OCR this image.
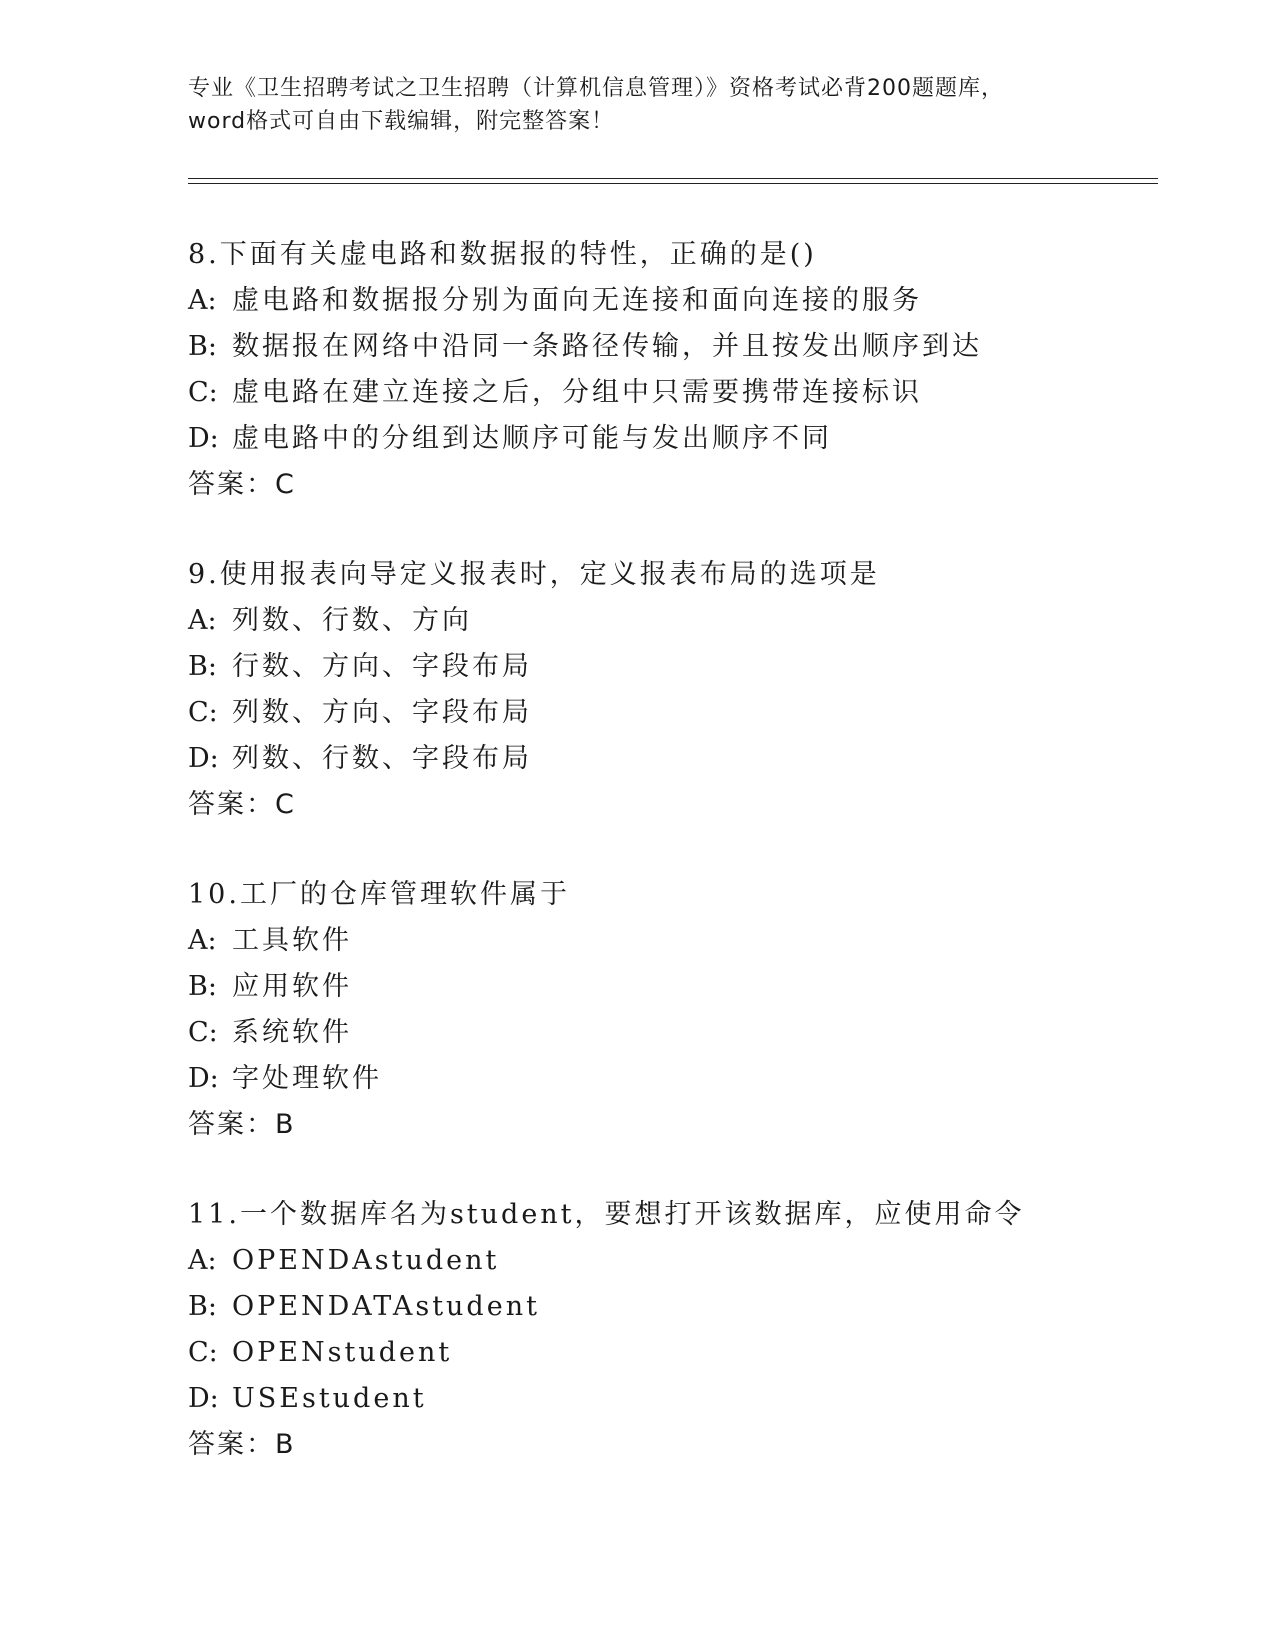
专业《卫生招聘考试之卫生招聘（计算机信息管理）》资格考试必背200题题库，
word格式可自由下载编辑，附完整答案！
8.下面有关虚电路和数据报的特性，正确的是()
A: 虚电路和数据报分别为面向无连接和面向连接的服务
B: 数据报在网络中沿同一条路径传输，并且按发出顺序到达
C: 虚电路在建立连接之后，分组中只需要携带连接标识
D: 虚电路中的分组到达顺序可能与发出顺序不同
答案：C
9.使用报表向导定义报表时，定义报表布局的选项是
A: 列数、行数、方向
B: 行数、方向、字段布局
C: 列数、方向、字段布局
D: 列数、行数、字段布局
答案：C
10.工厂的仓库管理软件属于
A: 工具软件
B: 应用软件
C: 系统软件
D: 字处理软件
答案：B
11.一个数据库名为student，要想打开该数据库，应使用命令
A: OPENDAstudent
B: OPENDATAstudent
C: OPENstudent
D: USEstudent
答案：B
